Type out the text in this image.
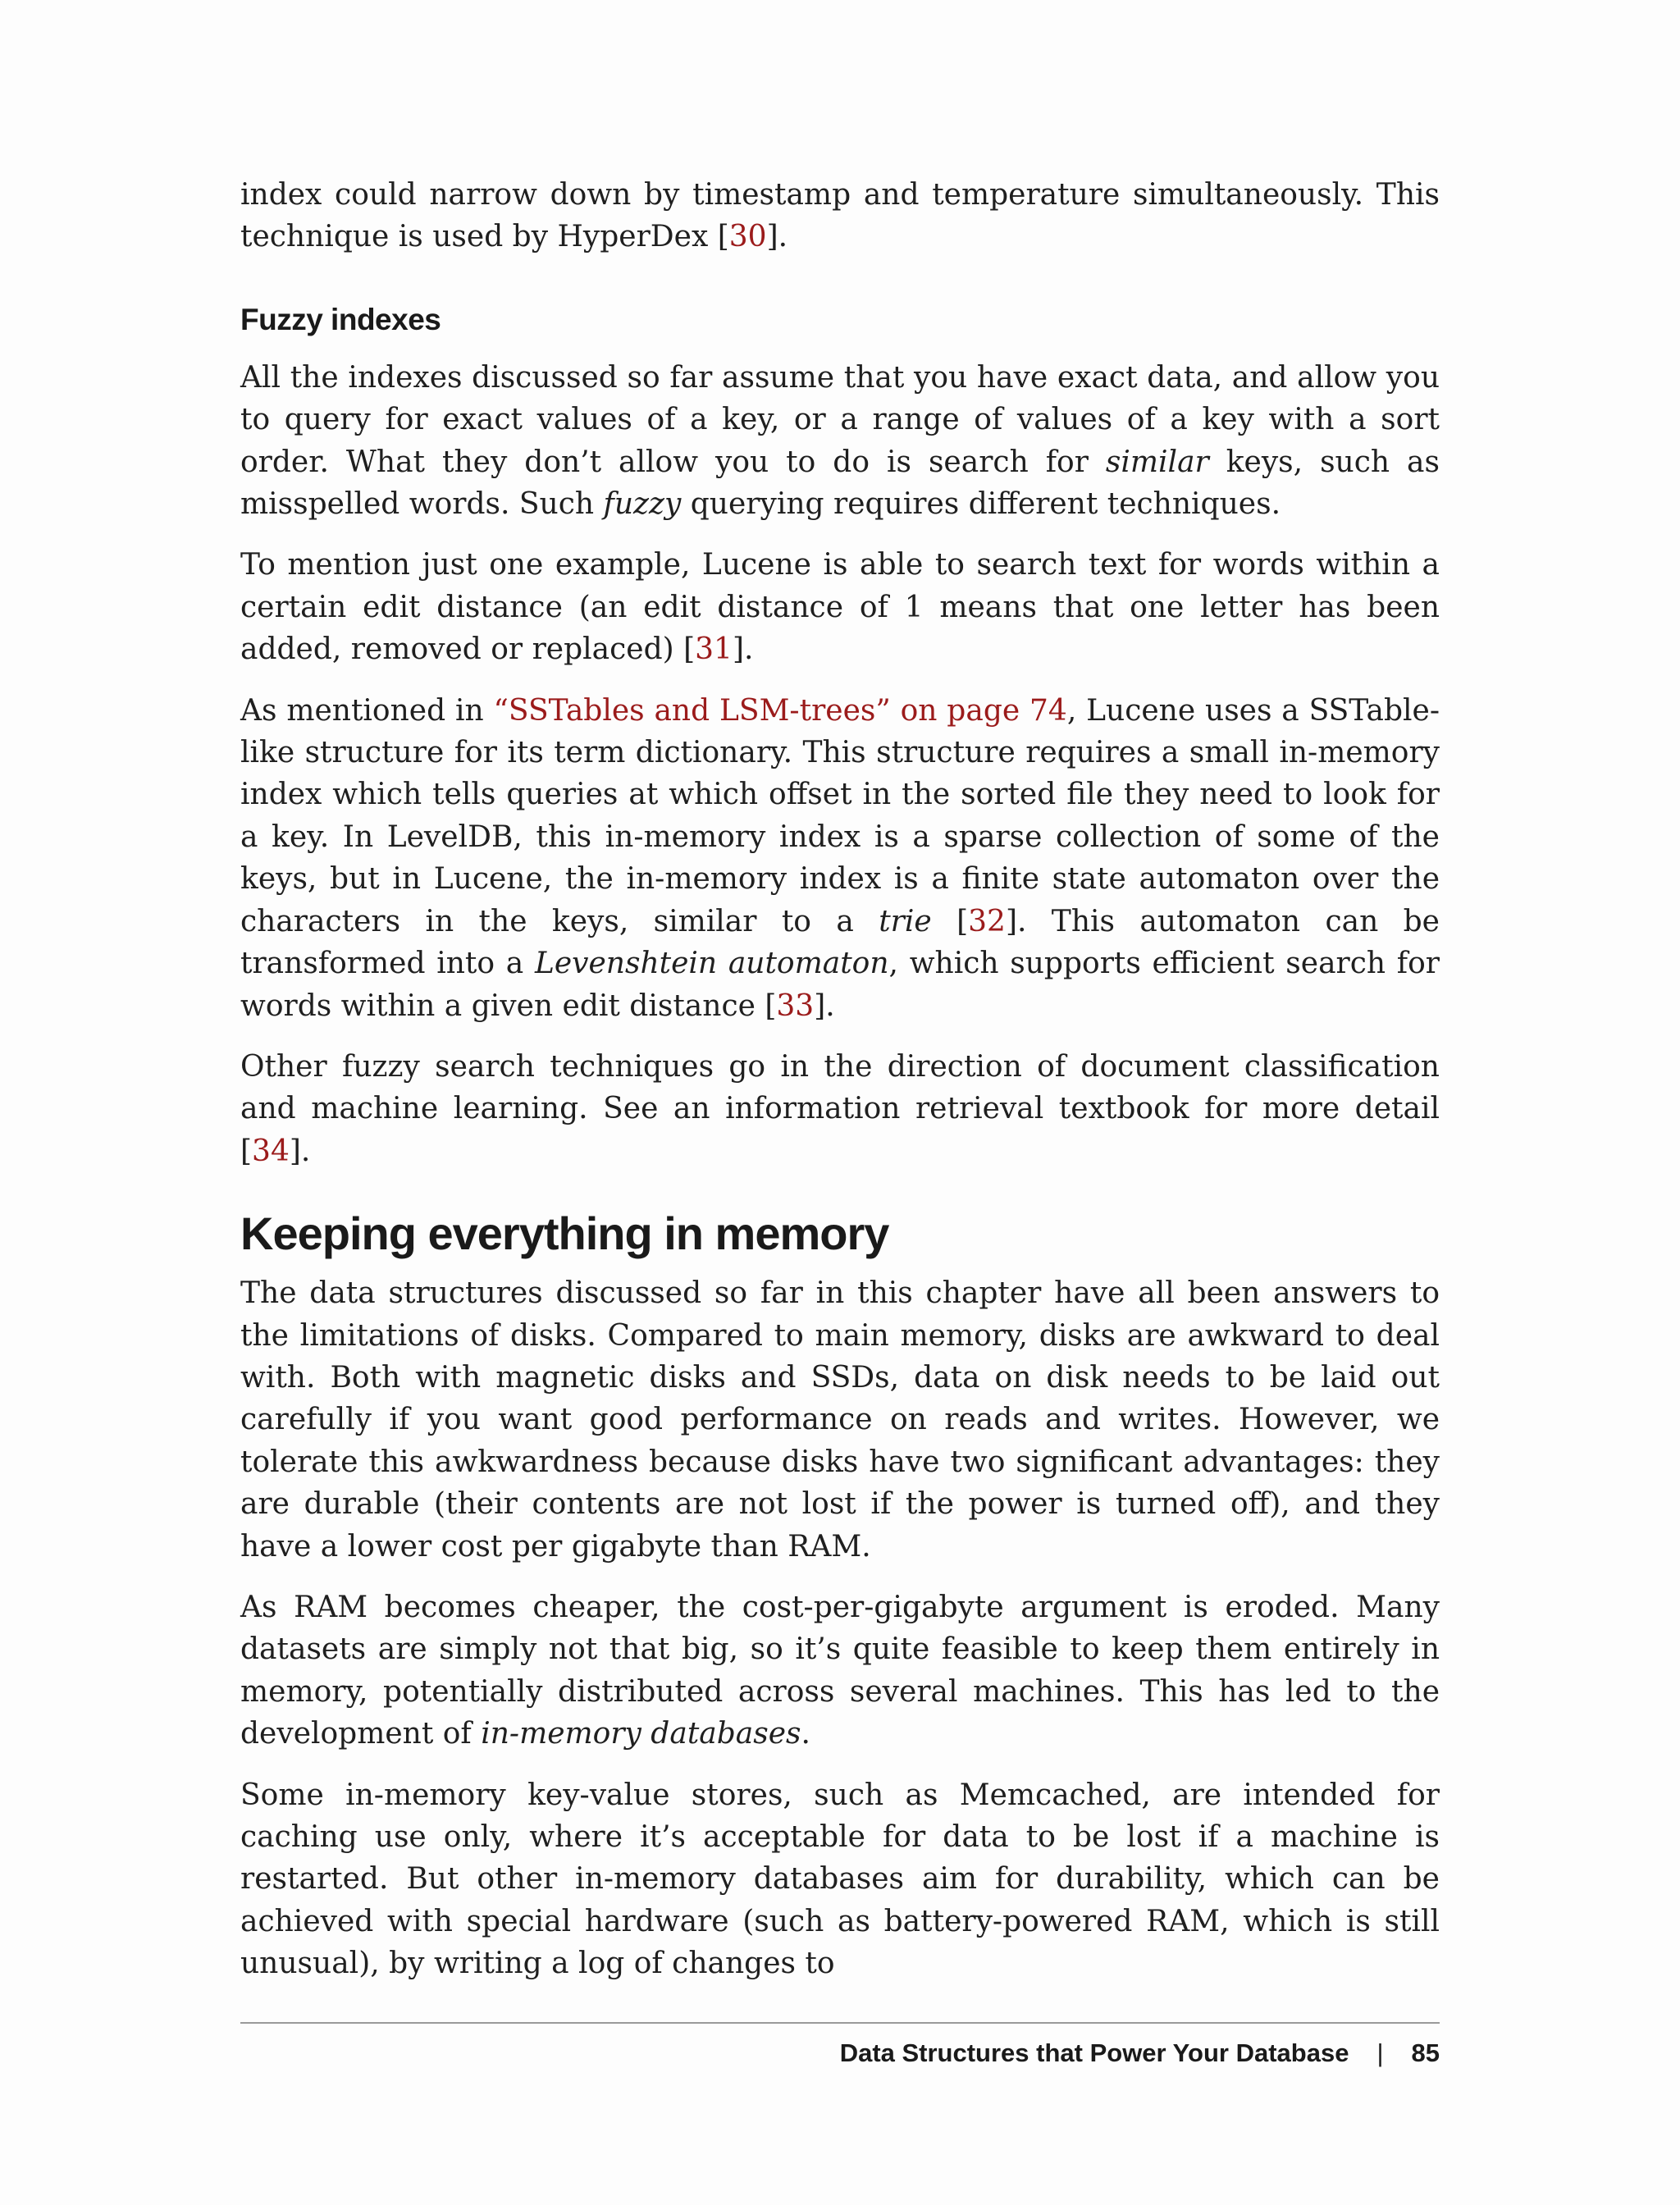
index could narrow down by timestamp and temperature simultaneously. This technique is used by HyperDex [30].

Fuzzy indexes

All the indexes discussed so far assume that you have exact data, and allow you to query for exact values of a key, or a range of values of a key with a sort order. What they don’t allow you to do is search for similar keys, such as misspelled words. Such fuzzy querying requires different techniques.

To mention just one example, Lucene is able to search text for words within a certain edit distance (an edit distance of 1 means that one letter has been added, removed or replaced) [31].

As mentioned in “SSTables and LSM-trees” on page 74, Lucene uses a SSTable-like structure for its term dictionary. This structure requires a small in-memory index which tells queries at which offset in the sorted file they need to look for a key. In LevelDB, this in-memory index is a sparse collection of some of the keys, but in Lucene, the in-memory index is a finite state automaton over the characters in the keys, similar to a trie [32]. This automaton can be transformed into a Levenshtein automaton, which supports efficient search for words within a given edit distance [33].

Other fuzzy search techniques go in the direction of document classification and machine learning. See an information retrieval textbook for more detail [34].

Keeping everything in memory

The data structures discussed so far in this chapter have all been answers to the limitations of disks. Compared to main memory, disks are awkward to deal with. Both with magnetic disks and SSDs, data on disk needs to be laid out carefully if you want good performance on reads and writes. However, we tolerate this awkwardness because disks have two significant advantages: they are durable (their contents are not lost if the power is turned off), and they have a lower cost per gigabyte than RAM.

As RAM becomes cheaper, the cost-per-gigabyte argument is eroded. Many datasets are simply not that big, so it’s quite feasible to keep them entirely in memory, potentially distributed across several machines. This has led to the development of in-memory databases.

Some in-memory key-value stores, such as Memcached, are intended for caching use only, where it’s acceptable for data to be lost if a machine is restarted. But other in-memory databases aim for durability, which can be achieved with special hardware (such as battery-powered RAM, which is still unusual), by writing a log of changes to

Data Structures that Power Your Database | 85
